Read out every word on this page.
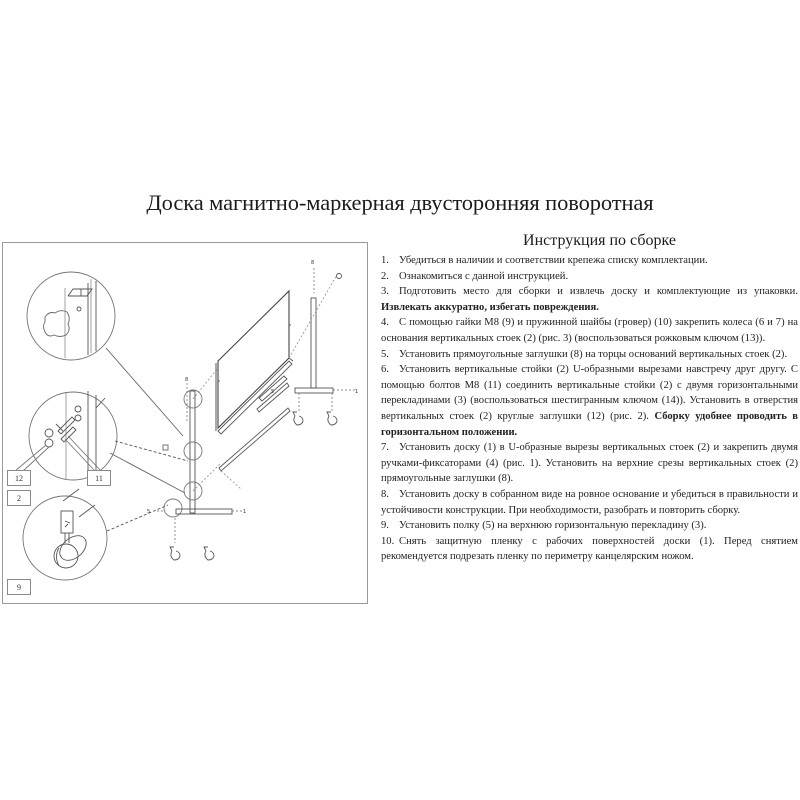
Доска магнитно-маркерная двусторонняя поворотная
8
8
5	1
5	1
12	11
2
9
Инструкция по сборке

1. Убедиться в наличии и соответствии крепежа списку комплектации.

2. Ознакомиться с данной инструкцией.

3. Подготовить место для сборки и извлечь доску и комплектующие из упаковки. Извлекать аккуратно, избегать повреждения.

4. С помощью гайки М8 (9) и пружинной шайбы (гровер) (10) закрепить колеса (6 и 7) на основания вертикальных стоек (2) (рис. 3) (воспользоваться рожковым ключом (13)).

5. Установить прямоугольные заглушки (8) на торцы оснований вертикальных стоек (2).

6. Установить вертикальные стойки (2) U-образными вырезами навстречу друг другу. С помощью болтов М8 (11) соединить вертикальные стойки (2) с двумя горизонтальными перекладинами (3) (воспользоваться шестигранным ключом (14)). Установить в отверстия вертикальных стоек (2) круглые заглушки (12) (рис. 2). Сборку удобнее проводить в горизонтальном положении.

7. Установить доску (1) в U-образные вырезы вертикальных стоек (2) и закрепить двумя ручками-фиксаторами (4) (рис. 1). Установить на верхние срезы вертикальных стоек (2) прямоугольные заглушки (8).

8. Установить доску в собранном виде на ровное основание и убедиться в правильности и устойчивости конструкции. При необходимости, разобрать и повторить сборку.

9. Установить полку (5) на верхнюю горизонтальную перекладину (3).

10. Снять защитную пленку с рабочих поверхностей доски (1). Перед снятием рекомендуется подрезать пленку по периметру канцелярским ножом.
